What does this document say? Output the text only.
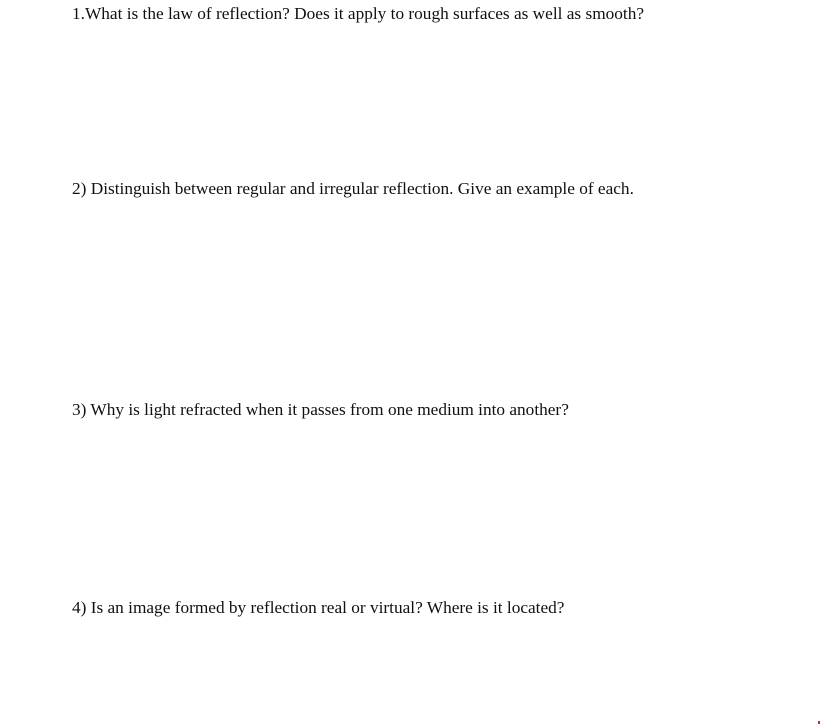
1.What is the law of reflection? Does it apply to rough surfaces as well as smooth?
2) Distinguish between regular and irregular reflection. Give an example of each.
3) Why is light refracted when it passes from one medium into another?
4) Is an image formed by reflection real or virtual? Where is it located?
